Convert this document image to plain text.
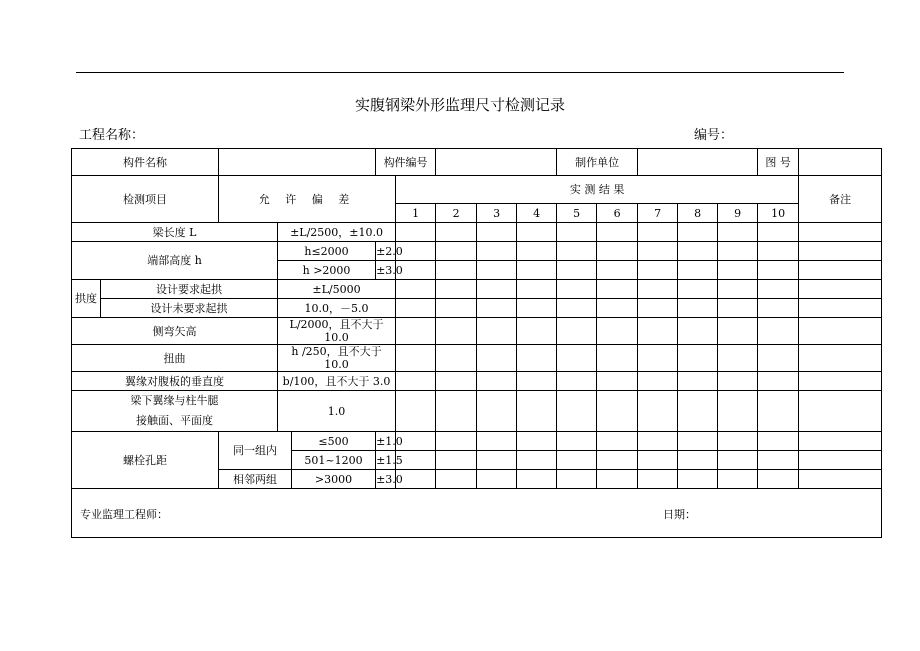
实腹钢梁外形监理尺寸检测记录
工程名称：	编号：
构件名称					构件编号					制作单位					图 号	
检测项目		允 许 偏 差				实 测 结 果										备注
						1	2	3	4	5	6	7	8	9	10	
梁长度 L			±L/2500，±10.0													
端部高度 h			h≤2000		±2.0											
			h >2000		±3.0											
拱度	设计要求起拱		±L/5000													
	设计未要求起拱		10.0，－5.0													
侧弯矢高			L/2000，且不大于 10.0													
扭曲			h /250，且不大于 10.0													
翼缘对腹板的垂直度			b/100，且不大于 3.0													
梁下翼缘与柱牛腿
接触面、平面度			1.0													
螺栓孔距		同一组内		≤500	±1.0											
				501~1200	±1.5											
		相邻两组		>3000	±3.0											

专业监理工程师： 日期：																
